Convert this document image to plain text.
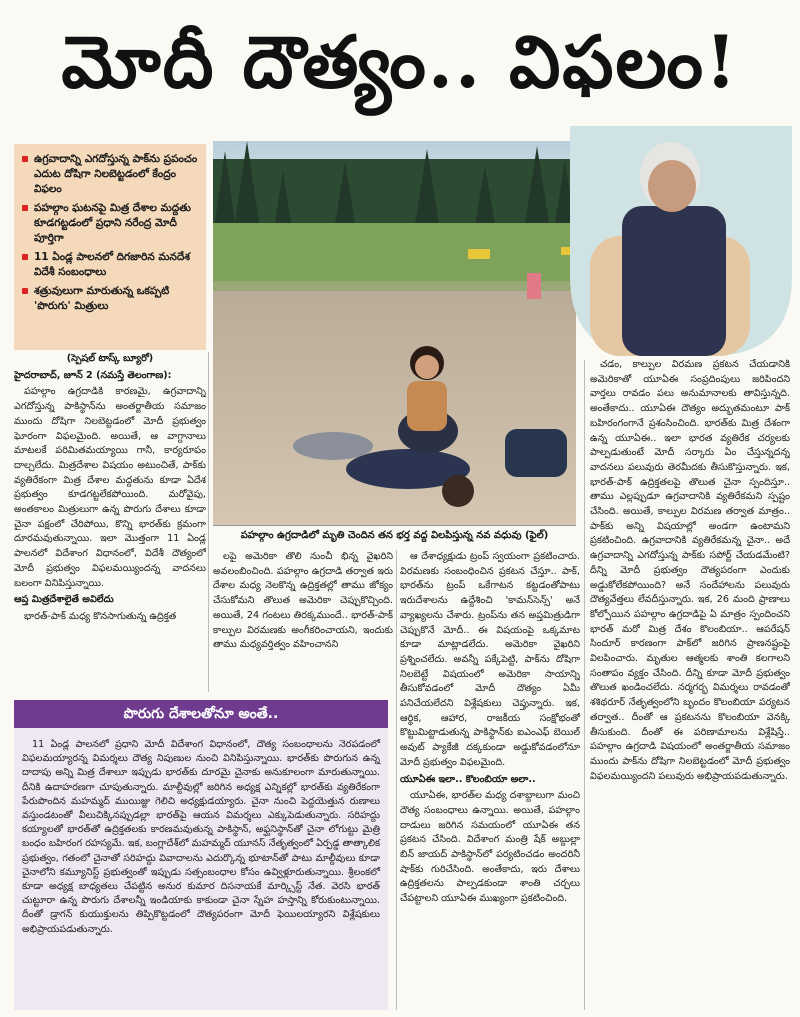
మోదీ దౌత్యం.. విఫలం!
ఉగ్రవాదాన్ని ఎగదోస్తున్న పాక్‌ను ప్రపంచం ఎదుట దోషిగా నిలబెట్టడంలో కేంద్రం విఫలం
పహల్గాం ఘటనపై మిత్ర దేశాల మద్దతు కూడగట్టడంలో ప్రధాని నరేంద్ర మోదీ పూర్తిగా
11 ఏండ్ల పాలనలో దిగజారిన మనదేశ విదేశీ సంబంధాలు
శత్రువులుగా మారుతున్న ఒకప్పటి 'పొరుగు' మిత్రులు
పహల్గాం ఉగ్రదాడిలో మృతి చెందిన తన భర్త వద్ద విలపిస్తున్న నవ వధువు (ఫైల్)

(స్పెషల్ టాస్క్ బ్యూరో)

హైదరాబాద్, జూన్ 2 (నమస్తే తెలంగాణ):

పహల్గాం ఉగ్రదాడికి కారణమై, ఉగ్రవాదాన్ని ఎగదోస్తున్న పాకిస్థాన్‌ను అంతర్జాతీయ సమాజం ముందు దోషిగా నిలబెట్టడంలో మోదీ ప్రభుత్వం ఘోరంగా విఫలమైంది. అయితే, ఆ వాగ్దానాలు మాటలకే పరిమితమయ్యాయి గానీ, కార్యరూపం దాల్చలేదు. మిత్రదేశాల విషయం అటుంచితే, పాక్‌కు వ్యతిరేకంగా మిత్ర దేశాల మద్దతును కూడా ఏదేశ ప్రభుత్వం కూడగట్టలేకపోయింది. మరోవైపు, అంతకాలం మిత్రులుగా ఉన్న పొరుగు దేశాలు కూడా చైనా పక్షంలో చేరిపోయి, కొన్ని భారత్‌కు క్రమంగా దూరమవుతున్నాయి. ఇలా మొత్తంగా 11 ఏండ్ల పాలనలో విదేశాంగ విధానంలో, విదేశీ దౌత్యంలో మోదీ ప్రభుత్వం విఫలమయ్యిందన్న వాదనలు బలంగా వినిపిస్తున్నాయి.

ఆప్త మిత్రదేశాలైతే అవిలేదు

భారత్-పాక్ మధ్య కొనసాగుతున్న ఉద్రిక్తత

లపై అమెరికా తొలి నుంచీ భిన్న వైఖరిని అవలంబించింది. పహల్గాం ఉగ్రదాడి తర్వాత ఇరు దేశాల మధ్య నెలకొన్న ఉద్రిక్తతల్లో తాము జోక్యం చేసుకోమని తొలుత అమెరికా చెప్పుకొచ్చింది. అయితే, 24 గంటలు తిరక్కముందే.. భారత్-పాక్ కాల్పుల విరమణకు అంగీకరించాయని, ఇందుకు తాము మధ్యవర్తిత్వం వహించానని

ఆ దేశాధ్యక్షుడు ట్రంప్ స్వయంగా ప్రకటించారు. విరమణకు సంబంధించిన ప్రకటన చేస్తూ.. పాక్, భారత్‌ను ట్రంప్ ఒకేగాటన కట్టడంతోపాటు ఇరుదేశాలను ఉద్దేశించి 'కామన్‌సెన్స్' అనే వ్యాఖ్యలను చేశారు. ట్రంప్‌ను తన అప్తమిత్రుడిగా చెప్పుకొనే మోదీ.. ఈ విషయంపై ఒక్కమాట కూడా మాట్లాడలేదు. అమెరికా వైఖరిని ప్రశ్నించలేదు. అవన్నీ పక్కేపెట్టి, పాక్‌ను దోషిగా నిలబెట్టే విషయంలో అమెరికా సాయాన్ని తీసుకోవడంలో మోదీ దౌత్యం ఏమీ పనిచేయలేదని విశ్లేషకులు చెప్తున్నారు. ఇక, ఆర్థిక, ఆహార, రాజకీయ సంక్షోభంతో కొట్టుమిట్టాడుతున్న పాకిస్థాన్‌కు ఐఎంఎఫ్ బెయిల్ అవుట్ ప్యాకేజీ దక్కకుండా అడ్డుకోవడంలోనూ మోదీ ప్రభుత్వం విఫలమైంది.

యూఏఈ ఇలా.. కొలంబియా అలా..

యూఏఈ, భారత్‌ల మధ్య దశాబ్దాలుగా మంచి దౌత్య సంబంధాలు ఉన్నాయి. అయితే, పహల్గాం దాడులు జరిగిన సమయంలో యూఏఈ తన ప్రకటన చేసింది. విదేశాంగ మంత్రి షేక్ అబ్దుల్లా బిన్ జాయద్ పాకిస్థాన్‌లో పర్యటించడం అందరినీ షాక్‌కు గురిచేసింది. అంతేకాదు, ఇరు దేశాలు ఉద్రిక్తతలను పాల్పడకుండా శాంతి చర్చలు చేపట్టాలని యూఏఈ ముఖ్యంగా ప్రకటించింది.

చడం, కాల్పుల విరమణ ప్రకటన చేయడానికి అమెరికాతో యూఏఈ సంప్రదింపులు జరిపిందని వార్తలు రావడం పలు అనుమానాలకు తావిస్తున్నది. అంతేకాదు.. యూఏఈ దౌత్యం అద్భుతమంటూ పాక్ బహిరంగంగానే ప్రశంసించింది. భారత్‌కు మిత్ర దేశంగా ఉన్న యూఏఈ.. ఇలా భారత వ్యతిరేక చర్యలకు పాల్పడుతుంటే మోదీ సర్కారు ఏం చేస్తున్నదన్న వాదనలు పలువురు తెరమీదకు తీసుకొస్తున్నారు. ఇక, భారత్-పాక్ ఉద్రిక్తతలపై తొలుత చైనా స్పందిస్తూ.. తాము ఎల్లప్పుడూ ఉగ్రవాదానికి వ్యతిరేకమని స్పష్టం చేసింది. అయితే, కాల్పుల విరమణ తర్వాత మాత్రం.. పాక్‌కు అన్ని విషయాల్లో అండగా ఉంటామని ప్రకటించింది. ఉగ్రవాదానికి వ్యతిరేకమన్న చైనా.. అదే ఉగ్రవాదాన్ని ఎగదోస్తున్న పాక్‌కు సపోర్ట్ చేయడమేంటి? దీన్ని మోదీ ప్రభుత్వం దౌత్యపరంగా ఎందుకు అడ్డుకోలేకపోయింది? అనే సందేహాలను పలువురు దౌత్యవేత్తలు లేవదీస్తున్నారు. ఇక, 26 మంది ప్రాణాలు కోల్పోయిన పహల్గాం ఉగ్రదాడిపై ఏ మాత్రం స్పందించని భారత్ మరో మిత్ర దేశం కొలంబియా.. ఆపరేషన్ సిందూర్ కారణంగా పాక్‌లో జరిగిన ప్రాణనష్టంపై విలపించారు. మృతుల ఆత్మలకు శాంతి కలగాలని సంతాపం వ్యక్తం చేసింది. దీన్ని కూడా మోదీ ప్రభుత్వం తొలుత ఖండించలేదు. నర్మగర్భ విమర్శలు రావడంతో శశిథరూర్ నేతృత్వంలోని బృందం కొలంబియా పర్యటన తర్వాత.. దీంతో ఆ ప్రకటనను కొలంబియా వెనక్కి తీసుకుంది. దీంతో ఈ పరిణామాలను విశ్లేషిస్తే.. పహల్గాం ఉగ్రదాడి విషయంలో అంతర్జాతీయ సమాజం ముందు పాక్‌ను దోషిగా నిలబెట్టడంలో మోదీ ప్రభుత్వం విఫలమయ్యిందని పలువురు అభిప్రాయపడుతున్నారు.

పొరుగు దేశాలతోనూ అంతే..

11 ఏండ్ల పాలనలో ప్రధాని మోదీ విదేశాంగ విధానంలో, దౌత్య సంబంధాలను నెరపడంలో విఫలమయ్యారన్న విమర్శలు దౌత్య నిపుణుల నుంచి వినిపిస్తున్నాయి. భారత్‌కు పొరుగున ఉన్న దాదాపు అన్ని మిత్ర దేశాలూ ఇప్పుడు భారత్‌కు దూరమై చైనాకు అనుకూలంగా మారుతున్నాయి. దీనికి ఉదాహరణగా చూపుతున్నారు. మాల్దీవుల్లో జరిగిన అధ్యక్ష ఎన్నికల్లో భారత్‌కు వ్యతిరేకంగా పేరుపొందిన మహమ్మద్ ముయిజ్జు గెలిచి అధ్యక్షుడయ్యారు. చైనా నుంచి పెద్దయెత్తున రుణాలు వస్తుండటంతో వీలుచిక్కినప్పుడల్లా భారత్‌పై ఆయన విమర్శలు ఎక్కుపెడుతున్నారు. సరిహద్దు కయ్యాలతో భారత్‌తో ఉద్రిక్తతలకు కారణమవుతున్న పాకిస్థాన్, అఫ్ఘనిస్థాన్‌తో చైనా లోగుట్టు మైత్రి బంధం బహిరంగ రహస్యమే. ఇక, బంగ్లాదేశ్‌లో మహమ్మద్ యూనస్ నేతృత్వంలో ఏర్పడ్డ తాత్కాలిక ప్రభుత్వం, గతంలో చైనాతో సరిహద్దు వివాదాలను ఎదుర్కొన్న భూటాన్‌తో పాటు మాల్దీవులు కూడా చైనాలోని కమ్యూనిస్ట్ ప్రభుత్వంతో ఇప్పుడు సత్సంబంధాల కోసం ఉవ్విళ్లూరుతున్నాయి. శ్రీలంకలో కూడా అధ్యక్ష బాధ్యతలు చేపట్టిన అనుర కుమార దిసనాయకే మార్క్సిస్ట్ నేత. వెరసి భారత్ చుట్టూరా ఉన్న పొరుగు దేశాలన్నీ ఇండియాకు కాకుండా చైనా స్నేహ హస్తాన్ని కోరుకుంటున్నాయి. దీంతో డ్రాగన్ కుయుక్తులను తిప్పికొట్టడంలో దౌత్యపరంగా మోదీ ఫెయిలయ్యారని విశ్లేషకులు అభిప్రాయపడుతున్నారు.
